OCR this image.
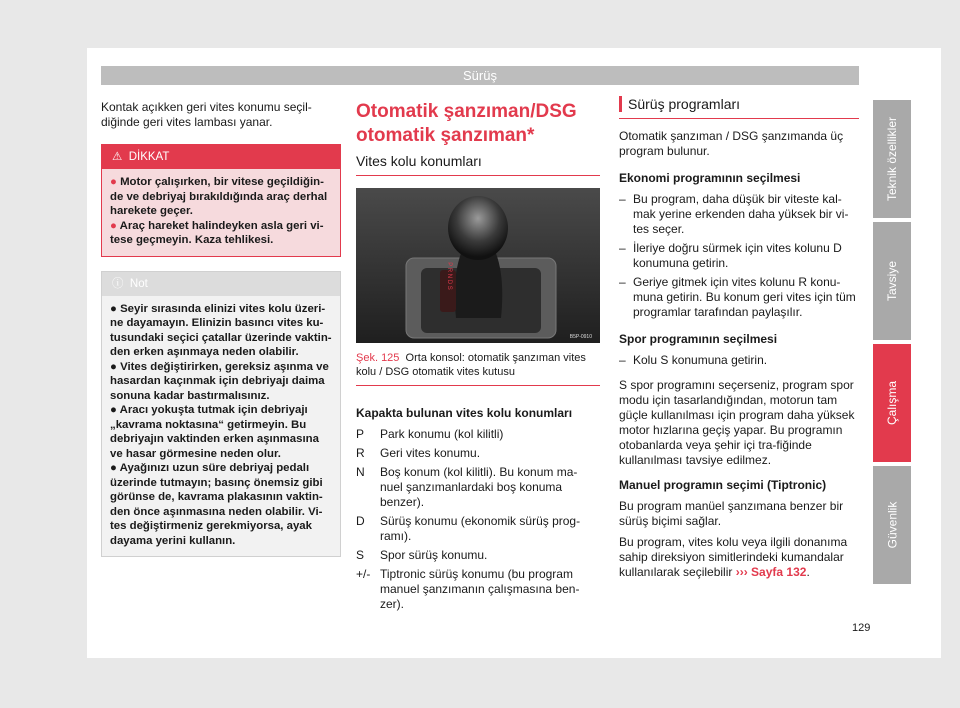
Sürüş

Kontak açıkken geri vites konumu seçil-diğinde geri vites lambası yanar.

⚠ DİKKAT
● Motor çalışırken, bir vitese geçildiğin-de ve debriyaj bırakıldığında araç derhal harekete geçer.
● Araç hareket halindeyken asla geri vi-tese geçmeyin. Kaza tehlikesi.
ⓘ Not
● Seyir sırasında elinizi vites kolu üzeri-ne dayamayın. Elinizin basıncı vites ku-tusundaki seçici çatallar üzerinde vaktin-den erken aşınmaya neden olabilir.
● Vites değiştirirken, gereksiz aşınma ve hasardan kaçınmak için debriyajı daima sonuna kadar bastırmalısınız.
● Aracı yokuşta tutmak için debriyajı „kavrama noktasına“ getirmeyin. Bu debriyajın vaktinden erken aşınmasına ve hasar görmesine neden olur.
● Ayağınızı uzun süre debriyaj pedalı üzerinde tutmayın; basınç önemsiz gibi görünse de, kavrama plakasının vaktin-den önce aşınmasına neden olabilir. Vi-tes değiştirmeniz gerekmiyorsa, ayak dayama yerini kullanın.
Otomatik şanzıman/DSG otomatik şanzıman*
Vites kolu konumları
P R N D S
B5P-0910
Şek. 125 Orta konsol: otomatik şanzıman vites kolu / DSG otomatik vites kutusu
Kapakta bulunan vites kolu konumları
P	Park konumu (kol kilitli)
R	Geri vites konumu.
N	Boş konum (kol kilitli). Bu konum ma-nuel şanzımanlardaki boş konuma benzer).
D	Sürüş konumu (ekonomik sürüş prog-ramı).
S	Spor sürüş konumu.
+/- Tiptronic sürüş konumu (bu program manuel şanzımanın çalışmasına ben-zer).
Sürüş programları

Otomatik şanzıman / DSG şanzımanda üç program bulunur.

Ekonomi programının seçilmesi

– Bu program, daha düşük bir viteste kal-mak yerine erkenden daha yüksek bir vi-tes seçer.
– İleriye doğru sürmek için vites kolunu D konumuna getirin.
– Geriye gitmek için vites kolunu R konu-muna getirin. Bu konum geri vites için tüm programlar tarafından paylaşılır.

Spor programının seçilmesi

– Kolu S konumuna getirin.

S spor programını seçerseniz, program spor modu için tasarlandığından, motorun tam güçle kullanılması için program daha yüksek motor hızlarına geçiş yapar. Bu programın otobanlarda veya şehir içi tra-fiğinde kullanılması tavsiye edilmez.

Manuel programın seçimi (Tiptronic)

Bu program manüel şanzımana benzer bir sürüş biçimi sağlar.

Bu program, vites kolu veya ilgili donanıma sahip direksiyon simitlerindeki kumandalar kullanılarak seçilebilir ››› Sayfa 132.

Teknik özellikler
Tavsiye
Çalışma
Güvenlik
129
